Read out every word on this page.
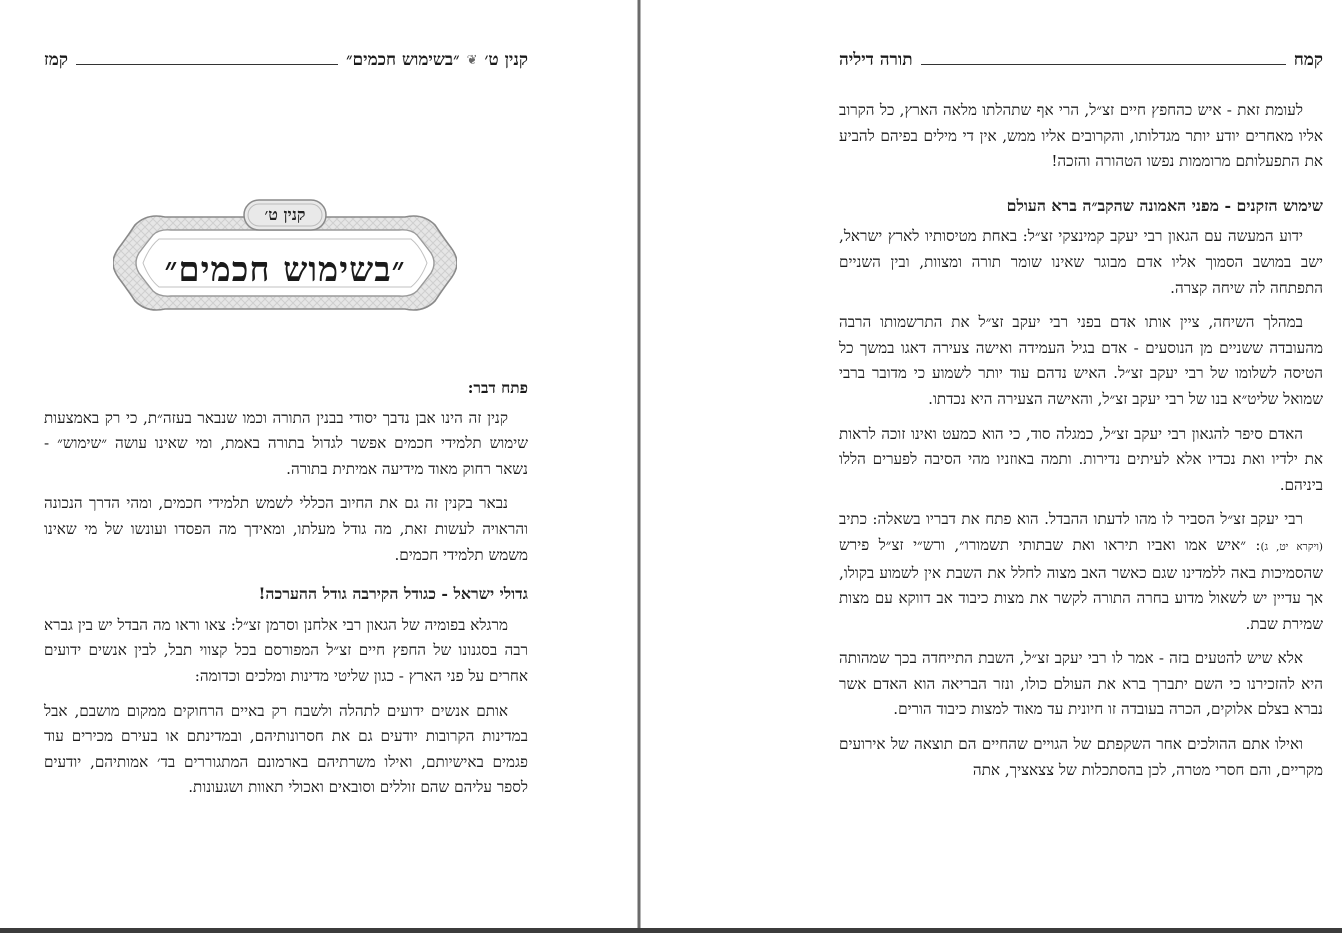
קנין ט׳
❦
״בשימוש חכמים״
קמז
קנין ט׳
״בשימוש חכמים״
פתח דבר:

קנין זה הינו אבן נדבך יסודי בבנין התורה וכמו שנבאר בעזה״ת, כי רק באמצעות שימוש תלמידי חכמים אפשר לגדול בתורה באמת, ומי שאינו עושה ״שימוש״ - נשאר רחוק מאוד מידיעה אמיתית בתורה.

נבאר בקנין זה גם את החיוב הכללי לשמש תלמידי חכמים, ומהי הדרך הנכונה והראויה לעשות זאת, מה גודל מעלתו, ומאידך מה הפסדו ועונשו של מי שאינו משמש תלמידי חכמים.

גדולי ישראל - כגודל הקירבה גודל ההערכה!

מרגלא בפומיה של הגאון רבי אלחנן וסרמן זצ״ל: צאו וראו מה הבדל יש בין גברא רבה בסגנונו של החפץ חיים זצ״ל המפורסם בכל קצווי תבל, לבין אנשים ידועים אחרים על פני הארץ - כגון שליטי מדינות ומלכים וכדומה:

אותם אנשים ידועים לתהלה ולשבח רק באיים הרחוקים ממקום מושבם, אבל במדינות הקרובות יודעים גם את חסרונותיהם, ובמדינתם או בעירם מכירים עוד פגמים באישיותם, ואילו משרתיהם בארמונם המתגוררים בד׳ אמותיהם, יודעים לספר עליהם שהם זוללים וסובאים ואכולי תאוות ושגעונות.

קמח
תורה דיליה

לעומת זאת - איש כהחפץ חיים זצ״ל, הרי אף שתהלתו מלאה הארץ, כל הקרוב אליו מאחרים יודע יותר מגדלותו, והקרובים אליו ממש, אין די מילים בפיהם להביע את התפעלותם מרוממות נפשו הטהורה והזכה!

שימוש הזקנים - מפני האמונה שהקב״ה ברא העולם

ידוע המעשה עם הגאון רבי יעקב קמינצקי זצ״ל: באחת מטיסותיו לארץ ישראל, ישב במושב הסמוך אליו אדם מבוגר שאינו שומר תורה ומצוות, ובין השניים התפתחה לה שיחה קצרה.

במהלך השיחה, ציין אותו אדם בפני רבי יעקב זצ״ל את התרשמותו הרבה מהעובדה ששניים מן הנוסעים - אדם בגיל העמידה ואישה צעירה דאגו במשך כל הטיסה לשלומו של רבי יעקב זצ״ל. האיש נדהם עוד יותר לשמוע כי מדובר ברבי שמואל שליט״א בנו של רבי יעקב זצ״ל, והאישה הצעירה היא נכדתו.

האדם סיפר להגאון רבי יעקב זצ״ל, כמגלה סוד, כי הוא כמעט ואינו זוכה לראות את ילדיו ואת נכדיו אלא לעיתים נדירות. ותמה באוזניו מהי הסיבה לפערים הללו ביניהם.

רבי יעקב זצ״ל הסביר לו מהו לדעתו ההבדל. הוא פתח את דבריו בשאלה: כתיב (ויקרא יט, ג): ״איש אמו ואביו תיראו ואת שבתותי תשמורו״, ורש״י זצ״ל פירש שהסמיכות באה ללמדינו שגם כאשר האב מצוה לחלל את השבת אין לשמוע בקולו, אך עדיין יש לשאול מדוע בחרה התורה לקשר את מצות כיבוד אב דווקא עם מצות שמירת שבת.

אלא שיש להטעים בזה - אמר לו רבי יעקב זצ״ל, השבת התייחדה בכך שמהותה היא להזכירנו כי השם יתברך ברא את העולם כולו, ונזר הבריאה הוא האדם אשר נברא בצלם אלוקים, הכרה בעובדה זו חיונית עד מאוד למצות כיבוד הורים.

ואילו אתם ההולכים אחר השקפתם של הגויים שהחיים הם תוצאה של אירועים מקריים, והם חסרי מטרה, לכן בהסתכלות של צצאציך, אתה
